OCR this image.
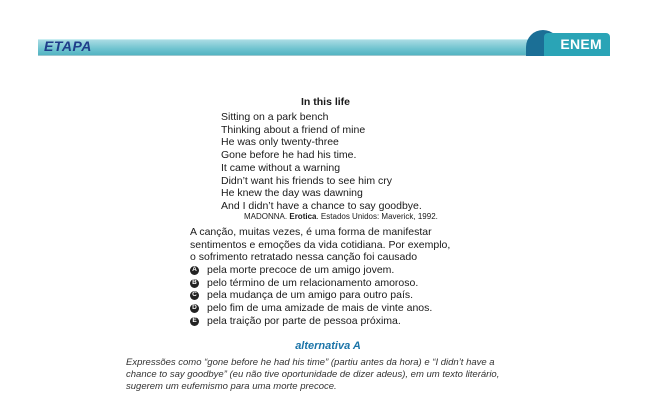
ETAPA	ENEM
In this life
Sitting on a park bench
Thinking about a friend of mine
He was only twenty-three
Gone before he had his time.
It came without a warning
Didn’t want his friends to see him cry
He knew the day was dawning
And I didn’t have a chance to say goodbye.
MADONNA. Erotica. Estados Unidos: Maverick, 1992.
A canção, muitas vezes, é uma forma de manifestar
sentimentos e emoções da vida cotidiana. Por exemplo,
o sofrimento retratado nessa canção foi causado
A pela morte precoce de um amigo jovem.
B pelo término de um relacionamento amoroso.
C pela mudança de um amigo para outro país.
D pelo fim de uma amizade de mais de vinte anos.
E pela traição por parte de pessoa próxima.
alternativa A
Expressões como “gone before he had his time” (partiu antes da hora) e “I didn’t have a
chance to say goodbye” (eu não tive oportunidade de dizer adeus), em um texto literário,
sugerem um eufemismo para uma morte precoce.
